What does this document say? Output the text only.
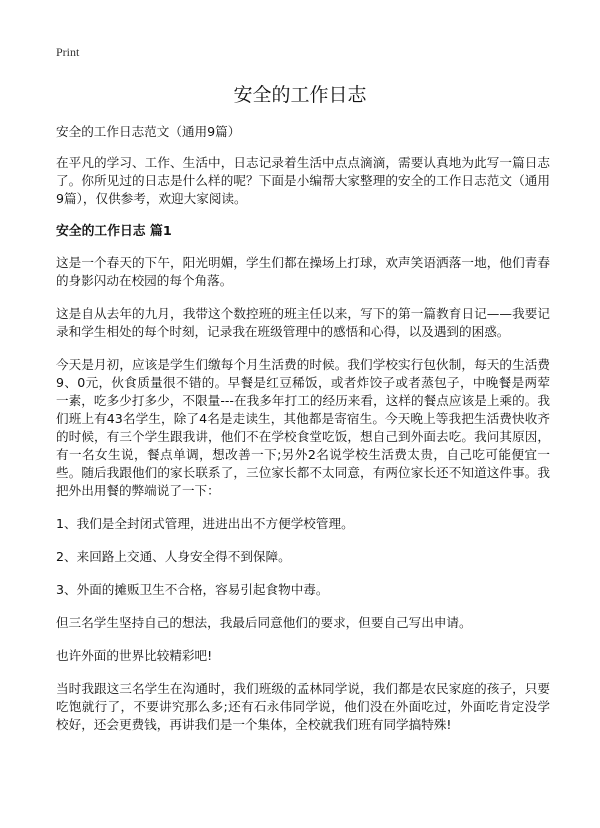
Print
安全的工作日志

安全的工作日志范文（通用9篇）

在平凡的学习、工作、生活中，日志记录着生活中点点滴滴，需要认真地为此写一篇日志了。你所见过的日志是什么样的呢？下面是小编帮大家整理的安全的工作日志范文（通用9篇），仅供参考，欢迎大家阅读。

安全的工作日志 篇1

这是一个春天的下午，阳光明媚，学生们都在操场上打球，欢声笑语洒落一地，他们青春的身影闪动在校园的每个角落。

这是自从去年的九月，我带这个数控班的班主任以来，写下的第一篇教育日记——我要记录和学生相处的每个时刻，记录我在班级管理中的感悟和心得，以及遇到的困惑。

今天是月初，应该是学生们缴每个月生活费的时候。我们学校实行包伙制，每天的生活费9、0元，伙食质量很不错的。早餐是红豆稀饭，或者炸饺子或者蒸包子，中晚餐是两荤一素，吃多少打多少，不限量---在我多年打工的经历来看，这样的餐点应该是上乘的。我们班上有43名学生，除了4名是走读生，其他都是寄宿生。今天晚上等我把生活费快收齐的时候，有三个学生跟我讲，他们不在学校食堂吃饭，想自己到外面去吃。我问其原因，有一名女生说，餐点单调，想改善一下;另外2名说学校生活费太贵，自己吃可能便宜一些。随后我跟他们的家长联系了，三位家长都不太同意，有两位家长还不知道这件事。我把外出用餐的弊端说了一下：

1、我们是全封闭式管理，进进出出不方便学校管理。

2、来回路上交通、人身安全得不到保障。

3、外面的摊贩卫生不合格，容易引起食物中毒。

但三名学生坚持自己的想法，我最后同意他们的要求，但要自己写出申请。

也许外面的世界比较精彩吧!

当时我跟这三名学生在沟通时，我们班级的孟林同学说，我们都是农民家庭的孩子，只要吃饱就行了，不要讲究那么多;还有石永伟同学说，他们没在外面吃过，外面吃肯定没学校好，还会更费钱，再讲我们是一个集体，全校就我们班有同学搞特殊!
